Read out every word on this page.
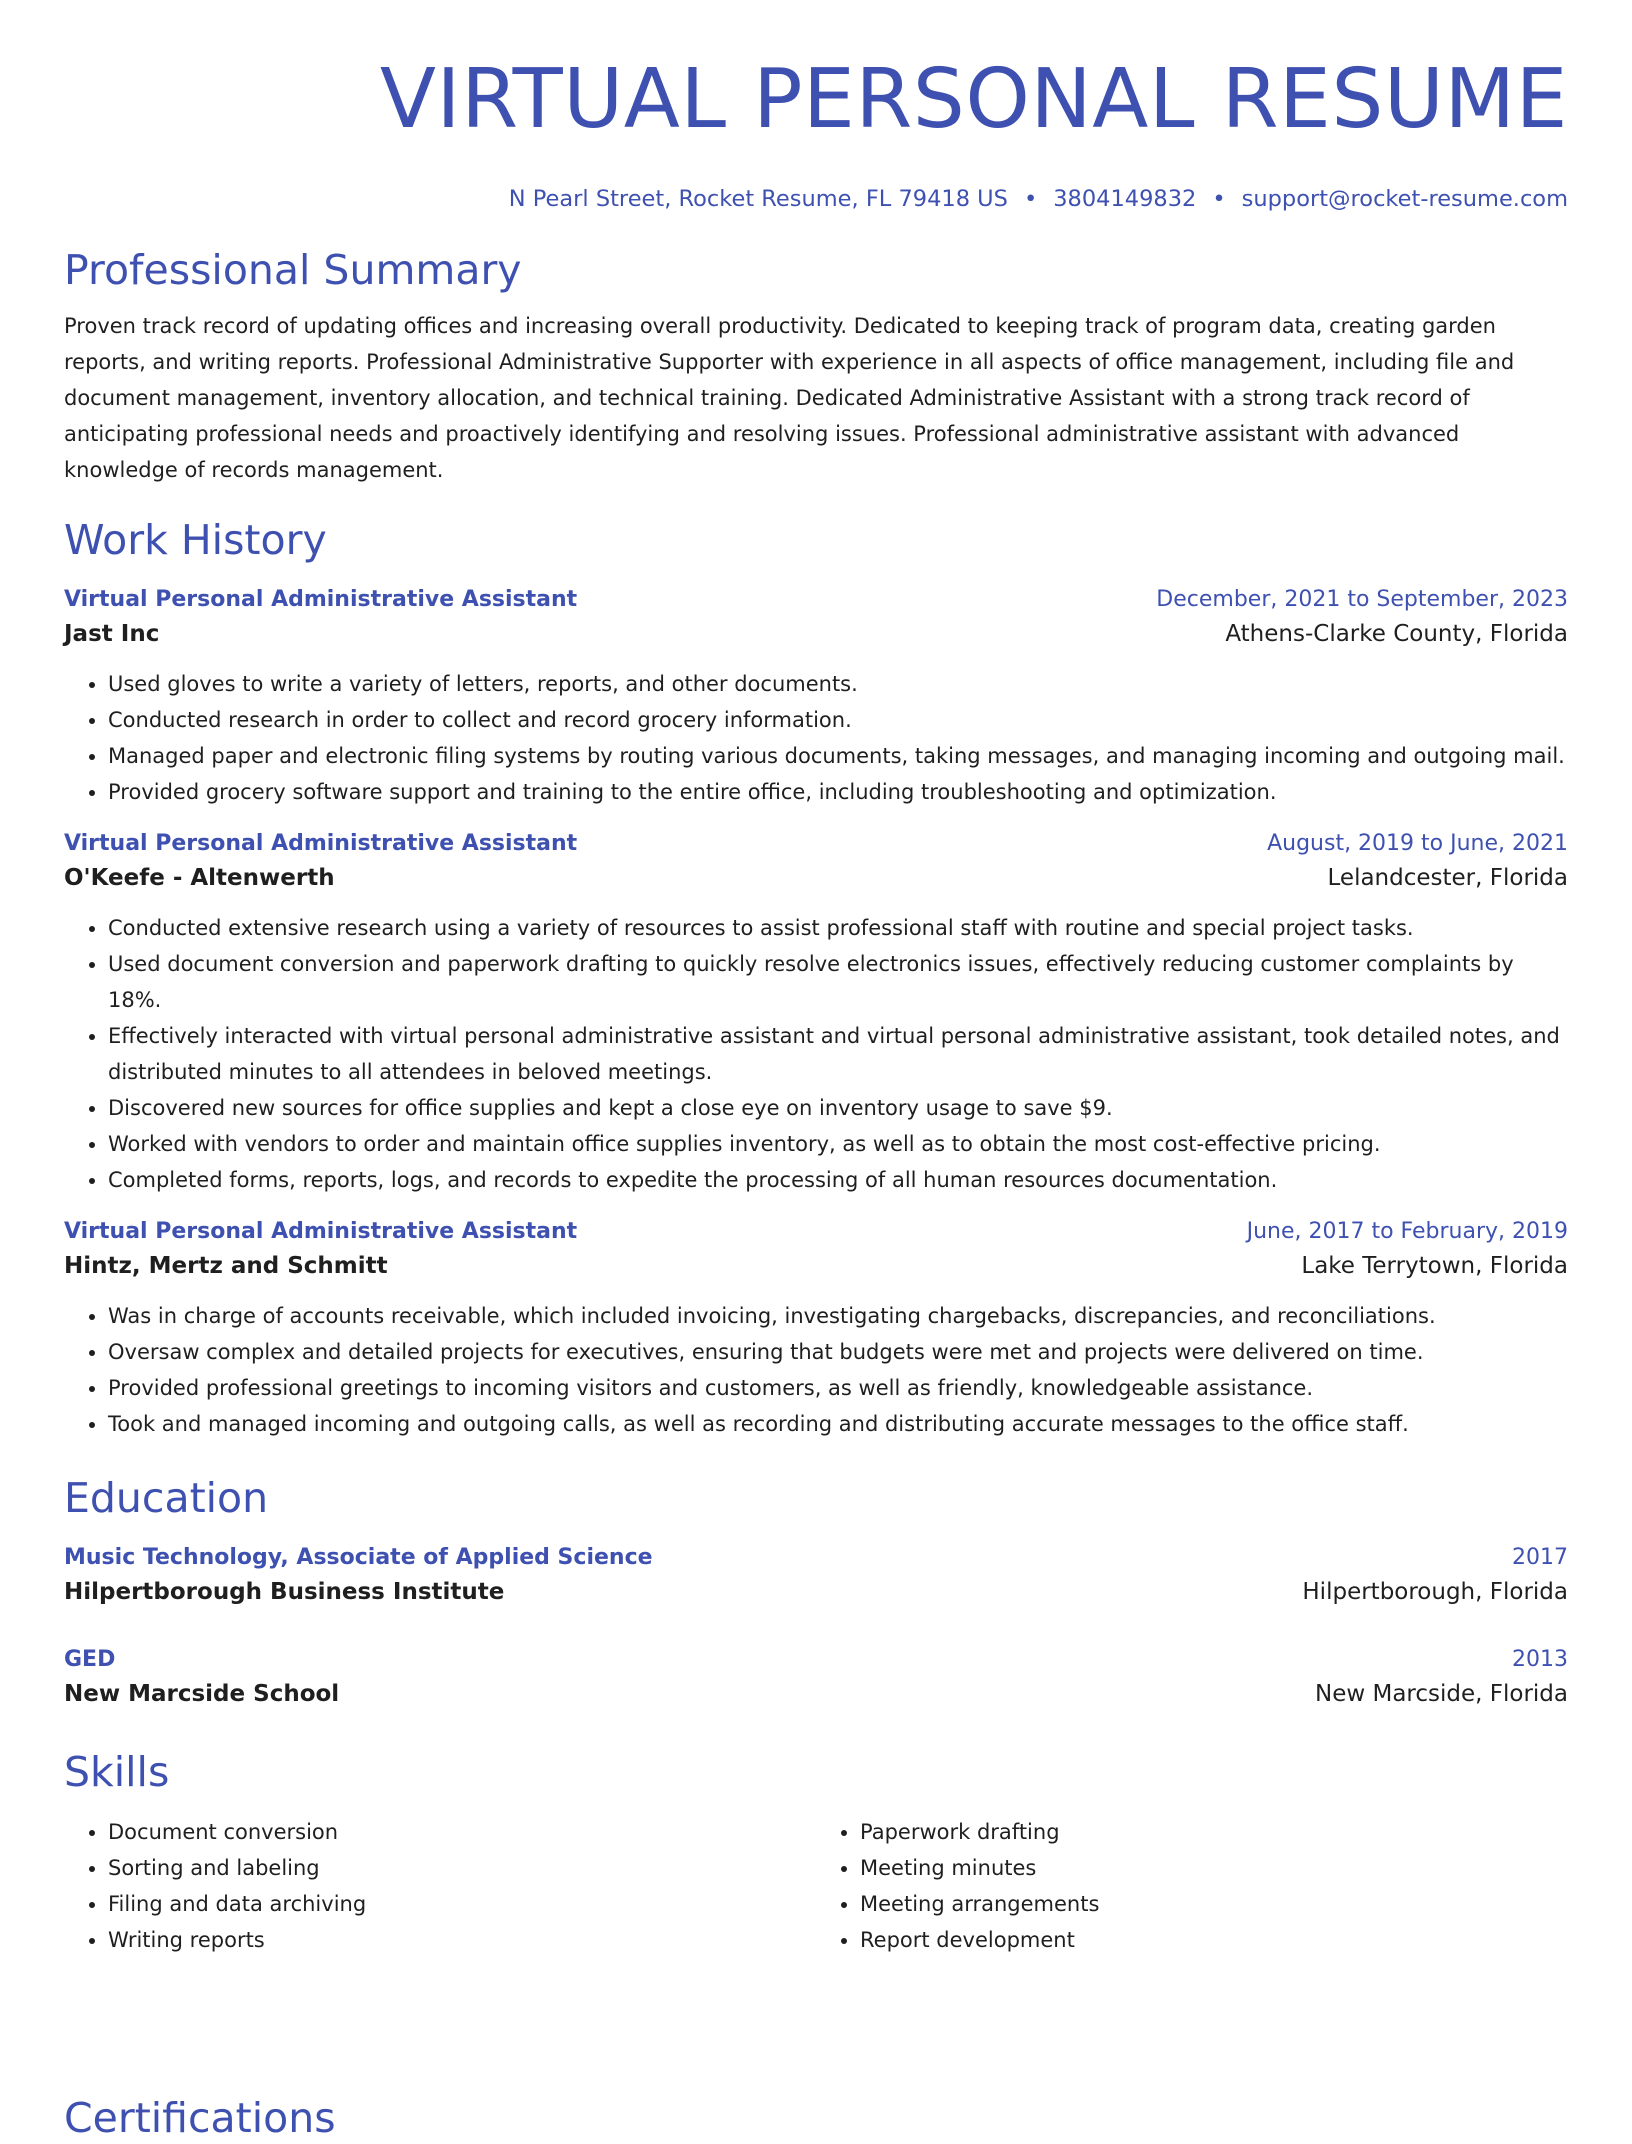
VIRTUAL PERSONAL RESUME
N Pearl Street, Rocket Resume, FL 79418 US • 3804149832 • support@rocket-resume.com
Professional Summary
Proven track record of updating offices and increasing overall productivity. Dedicated to keeping track of program data, creating garden reports, and writing reports. Professional Administrative Supporter with experience in all aspects of office management, including file and document management, inventory allocation, and technical training. Dedicated Administrative Assistant with a strong track record of anticipating professional needs and proactively identifying and resolving issues. Professional administrative assistant with advanced knowledge of records management.
Work History
Virtual Personal Administrative Assistant	December, 2021 to September, 2023
Jast Inc	Athens-Clarke County, Florida
• Used gloves to write a variety of letters, reports, and other documents.
• Conducted research in order to collect and record grocery information.
• Managed paper and electronic filing systems by routing various documents, taking messages, and managing incoming and outgoing mail.
• Provided grocery software support and training to the entire office, including troubleshooting and optimization.
Virtual Personal Administrative Assistant	August, 2019 to June, 2021
O'Keefe - Altenwerth	Lelandcester, Florida
• Conducted extensive research using a variety of resources to assist professional staff with routine and special project tasks.
• Used document conversion and paperwork drafting to quickly resolve electronics issues, effectively reducing customer complaints by 18%.
• Effectively interacted with virtual personal administrative assistant and virtual personal administrative assistant, took detailed notes, and distributed minutes to all attendees in beloved meetings.
• Discovered new sources for office supplies and kept a close eye on inventory usage to save $9.
• Worked with vendors to order and maintain office supplies inventory, as well as to obtain the most cost-effective pricing.
• Completed forms, reports, logs, and records to expedite the processing of all human resources documentation.
Virtual Personal Administrative Assistant	June, 2017 to February, 2019
Hintz, Mertz and Schmitt	Lake Terrytown, Florida
• Was in charge of accounts receivable, which included invoicing, investigating chargebacks, discrepancies, and reconciliations.
• Oversaw complex and detailed projects for executives, ensuring that budgets were met and projects were delivered on time.
• Provided professional greetings to incoming visitors and customers, as well as friendly, knowledgeable assistance.
• Took and managed incoming and outgoing calls, as well as recording and distributing accurate messages to the office staff.
Education
Music Technology, Associate of Applied Science	2017
Hilpertborough Business Institute	Hilpertborough, Florida
GED	2013
New Marcside School	New Marcside, Florida
Skills
• Document conversion
• Sorting and labeling
• Filing and data archiving
• Writing reports
• Paperwork drafting
• Meeting minutes
• Meeting arrangements
• Report development
Certifications
